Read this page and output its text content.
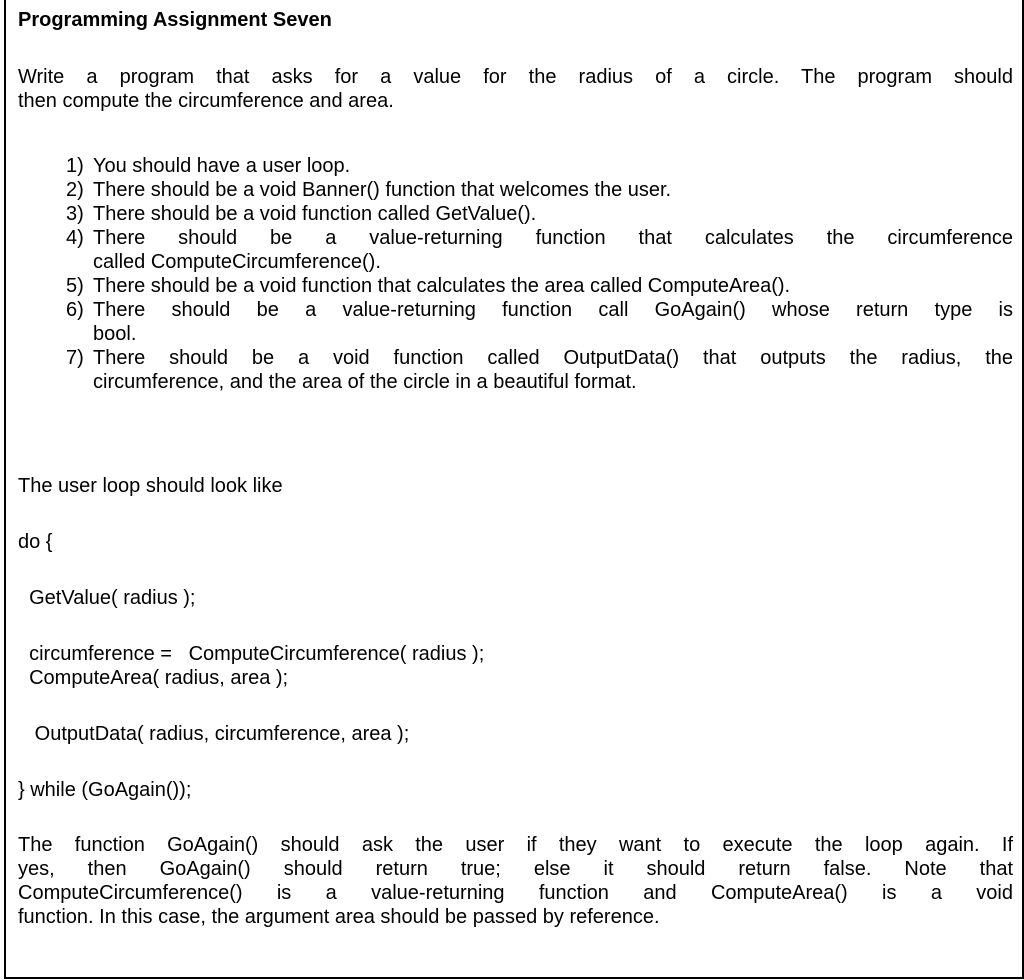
Programming Assignment Seven
Write a program that asks for a value for the radius of a circle. The program should
then compute the circumference and area.
1) You should have a user loop.
2) There should be a void Banner() function that welcomes the user.
3) There should be a void function called GetValue().
4) There should be a value-returning function that calculates the circumference
called ComputeCircumference().
5) There should be a void function that calculates the area called ComputeArea().
6) There should be a value-returning function call GoAgain() whose return type is
bool.
7) There should be a void function called OutputData() that outputs the radius, the
circumference, and the area of the circle in a beautiful format.
The user loop should look like
do {
GetValue( radius );
circumference =   ComputeCircumference( radius );
ComputeArea( radius, area );
OutputData( radius, circumference, area );
} while (GoAgain());
The function GoAgain() should ask the user if they want to execute the loop again. If
yes, then GoAgain() should return true; else it should return false. Note that
ComputeCircumference() is a value-returning function and ComputeArea() is a void
function. In this case, the argument area should be passed by reference.
